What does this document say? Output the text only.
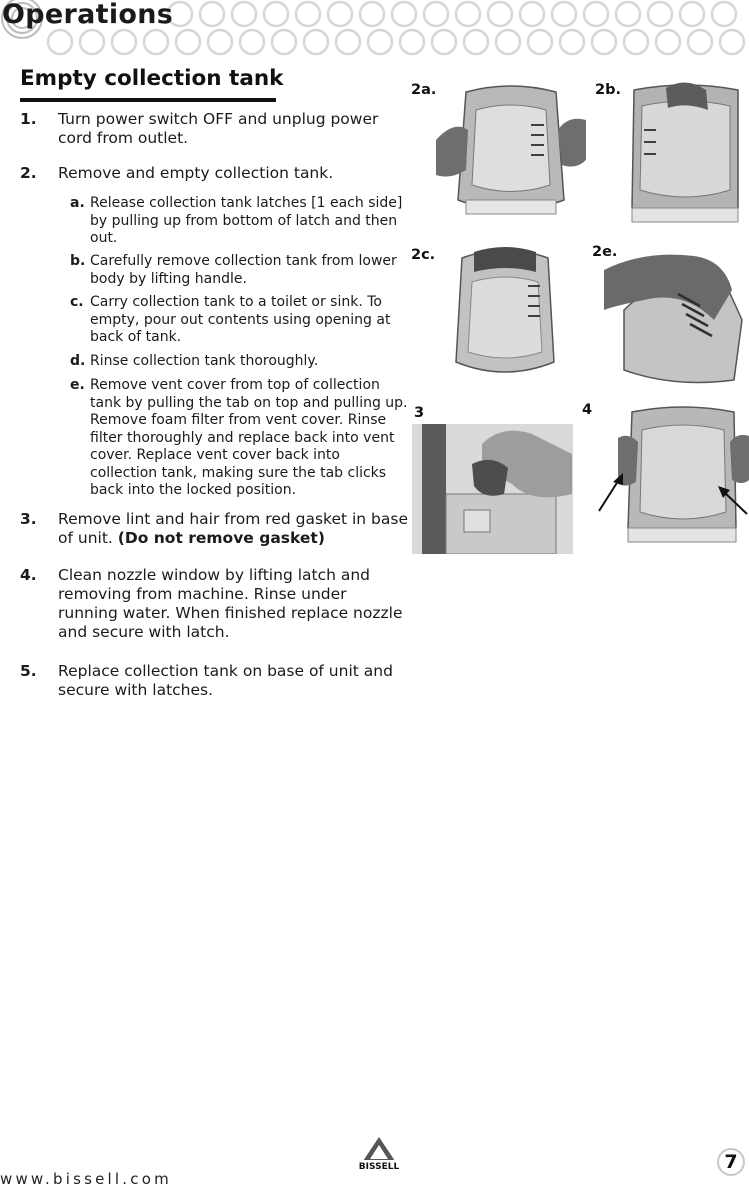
Operations
Empty collection tank
1. Turn power switch OFF and unplug power cord from outlet.
2. Remove and empty collection tank.
a. Release collection tank latches [1 each side] by pulling up from bottom of latch and then out.
b. Carefully remove collection tank from lower body by lifting handle.
c. Carry collection tank to a toilet or sink. To empty, pour out contents using opening at back of tank.
d. Rinse collection tank thoroughly.
e. Remove vent cover from top of collection tank by pulling the tab on top and pulling up. Remove foam filter from vent cover. Rinse filter thoroughly and replace back into vent cover. Replace vent cover back into collection tank, making sure the tab clicks back into the locked position.
3. Remove lint and hair from red gasket in base of unit. (Do not remove gasket)
4. Clean nozzle window by lifting latch and removing from machine. Rinse under running water. When finished replace nozzle and secure with latch.
5. Replace collection tank on base of unit and secure with latches.
2a.	2b.
2c.	2e.
3	4
www.bissell.com
BISSELL	7
